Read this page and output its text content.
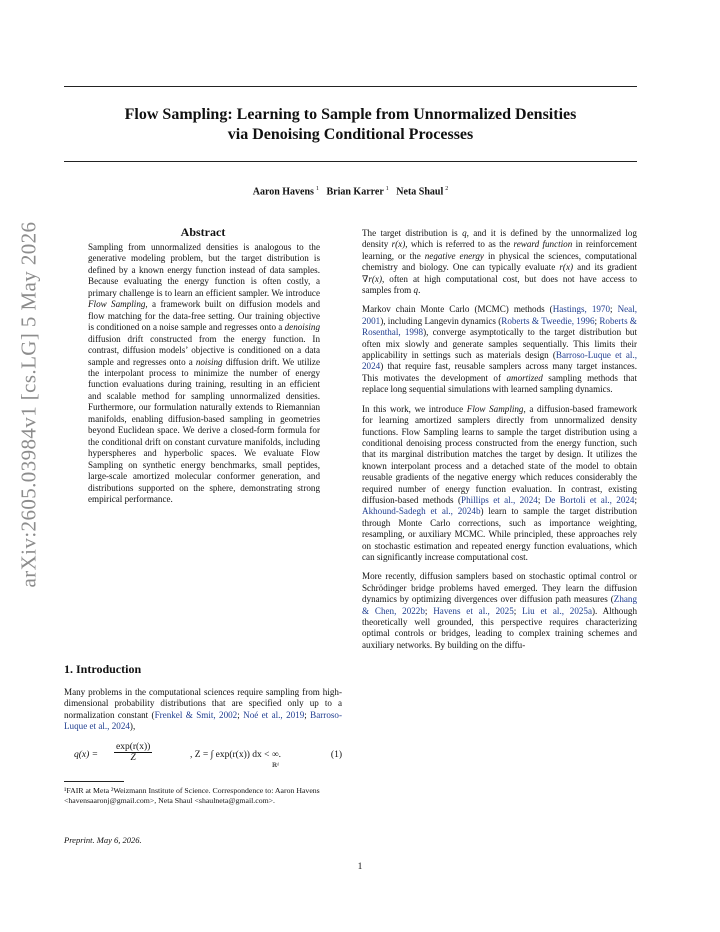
arXiv:2605.03984v1 [cs.LG] 5 May 2026
Flow Sampling: Learning to Sample from Unnormalized Densities
via Denoising Conditional Processes
Aaron Havens  $^1$ Brian Karrer  $^1$ Neta Shaul  $^2$
Abstract
Sampling from unnormalized densities is analogous to the generative modeling problem, but the target distribution is defined by a known energy function instead of data samples. Because evaluating the energy function is often costly, a primary challenge is to learn an efficient sampler. We introduce Flow Sampling, a framework built on diffusion models and flow matching for the data-free setting. Our training objective is conditioned on a noise sample and regresses onto a denoising diffusion drift constructed from the energy function. In contrast, diffusion models’ objective is conditioned on a data sample and regresses onto a noising diffusion drift. We utilize the interpolant process to minimize the number of energy function evaluations during training, resulting in an efficient and scalable method for sampling unnormalized densities. Furthermore, our formulation naturally extends to Riemannian manifolds, enabling diffusion-based sampling in geometries beyond Euclidean space. We derive a closed-form formula for the conditional drift on constant curvature manifolds, including hyperspheres and hyperbolic spaces. We evaluate Flow Sampling on synthetic energy benchmarks, small peptides, large-scale amortized molecular conformer generation, and distributions supported on the sphere, demonstrating strong empirical performance.
1. Introduction

Many problems in the computational sciences require sampling from high-dimensional probability distributions that are specified only up to a normalization constant (Frenkel & Smit, 2002; Noé et al., 2019; Barroso-Luque et al., 2024),

$q(x) = \frac{\exp(r(x))}{Z}$	, Z = ∫ exp(r(x)) dx < ∞.
ℝᵈ
(1)
¹FAIR at Meta ²Weizmann Institute of Science. Correspondence to: Aaron Havens <havensaaronj@gmail.com>, Neta Shaul <shaulneta@gmail.com>.
Preprint. May 6, 2026.

The target distribution is q, and it is defined by the unnormalized log density r(x), which is referred to as the reward function in reinforcement learning, or the negative energy in physical the sciences, computational chemistry and biology. One can typically evaluate r(x) and its gradient ∇r(x), often at high computational cost, but does not have access to samples from q.

Markov chain Monte Carlo (MCMC) methods (Hastings, 1970; Neal, 2001), including Langevin dynamics (Roberts & Tweedie, 1996; Roberts & Rosenthal, 1998), converge asymptotically to the target distribution but often mix slowly and generate samples sequentially. This limits their applicability in settings such as materials design (Barroso-Luque et al., 2024) that require fast, reusable samplers across many target instances. This motivates the development of amortized sampling methods that replace long sequential simulations with learned sampling dynamics.

In this work, we introduce Flow Sampling, a diffusion-based framework for learning amortized samplers directly from unnormalized density functions. Flow Sampling learns to sample the target distribution using a conditional denoising process constructed from the energy function, such that its marginal distribution matches the target by design. It utilizes the known interpolant process and a detached state of the model to obtain reusable gradients of the negative energy which reduces considerably the required number of energy function evaluation. In contrast, existing diffusion-based methods (Phillips et al., 2024; De Bortoli et al., 2024; Akhound-Sadegh et al., 2024b) learn to sample the target distribution through Monte Carlo corrections, such as importance weighting, resampling, or auxiliary MCMC. While principled, these approaches rely on stochastic estimation and repeated energy function evaluations, which can significantly increase computational cost.

More recently, diffusion samplers based on stochastic optimal control or Schrödinger bridge problems haved emerged. They learn the diffusion dynamics by optimizing divergences over diffusion path measures (Zhang & Chen, 2022b; Havens et al., 2025; Liu et al., 2025a). Although theoretically well grounded, this perspective requires characterizing optimal controls or bridges, leading to complex training schemes and auxiliary networks. By building on the diffu-

1
